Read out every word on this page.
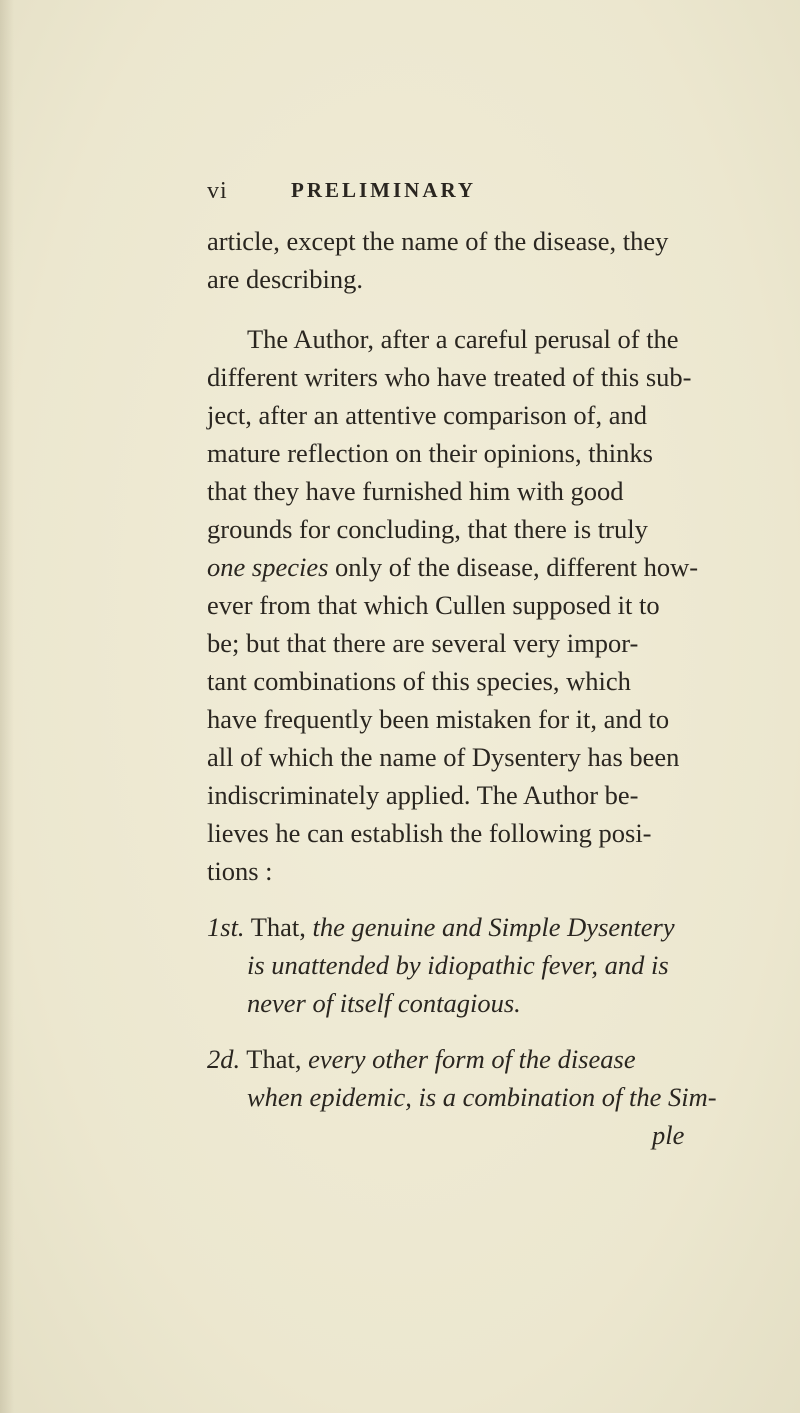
vi	PRELIMINARY
article, except the name of the disease, they
are describing.
The Author, after a careful perusal of the
different writers who have treated of this sub-
ject, after an attentive comparison of, and
mature reflection on their opinions, thinks
that they have furnished him with good
grounds for concluding, that there is truly
one species only of the disease, different how-
ever from that which Cullen supposed it to
be; but that there are several very impor-
tant combinations of this species, which
have frequently been mistaken for it, and to
all of which the name of Dysentery has been
indiscriminately applied. The Author be-
lieves he can establish the following posi-
tions :
1st. That, the genuine and Simple Dysentery
is unattended by idiopathic fever, and is
never of itself contagious.
2d. That, every other form of the disease
when epidemic, is a combination of the Sim-
ple
